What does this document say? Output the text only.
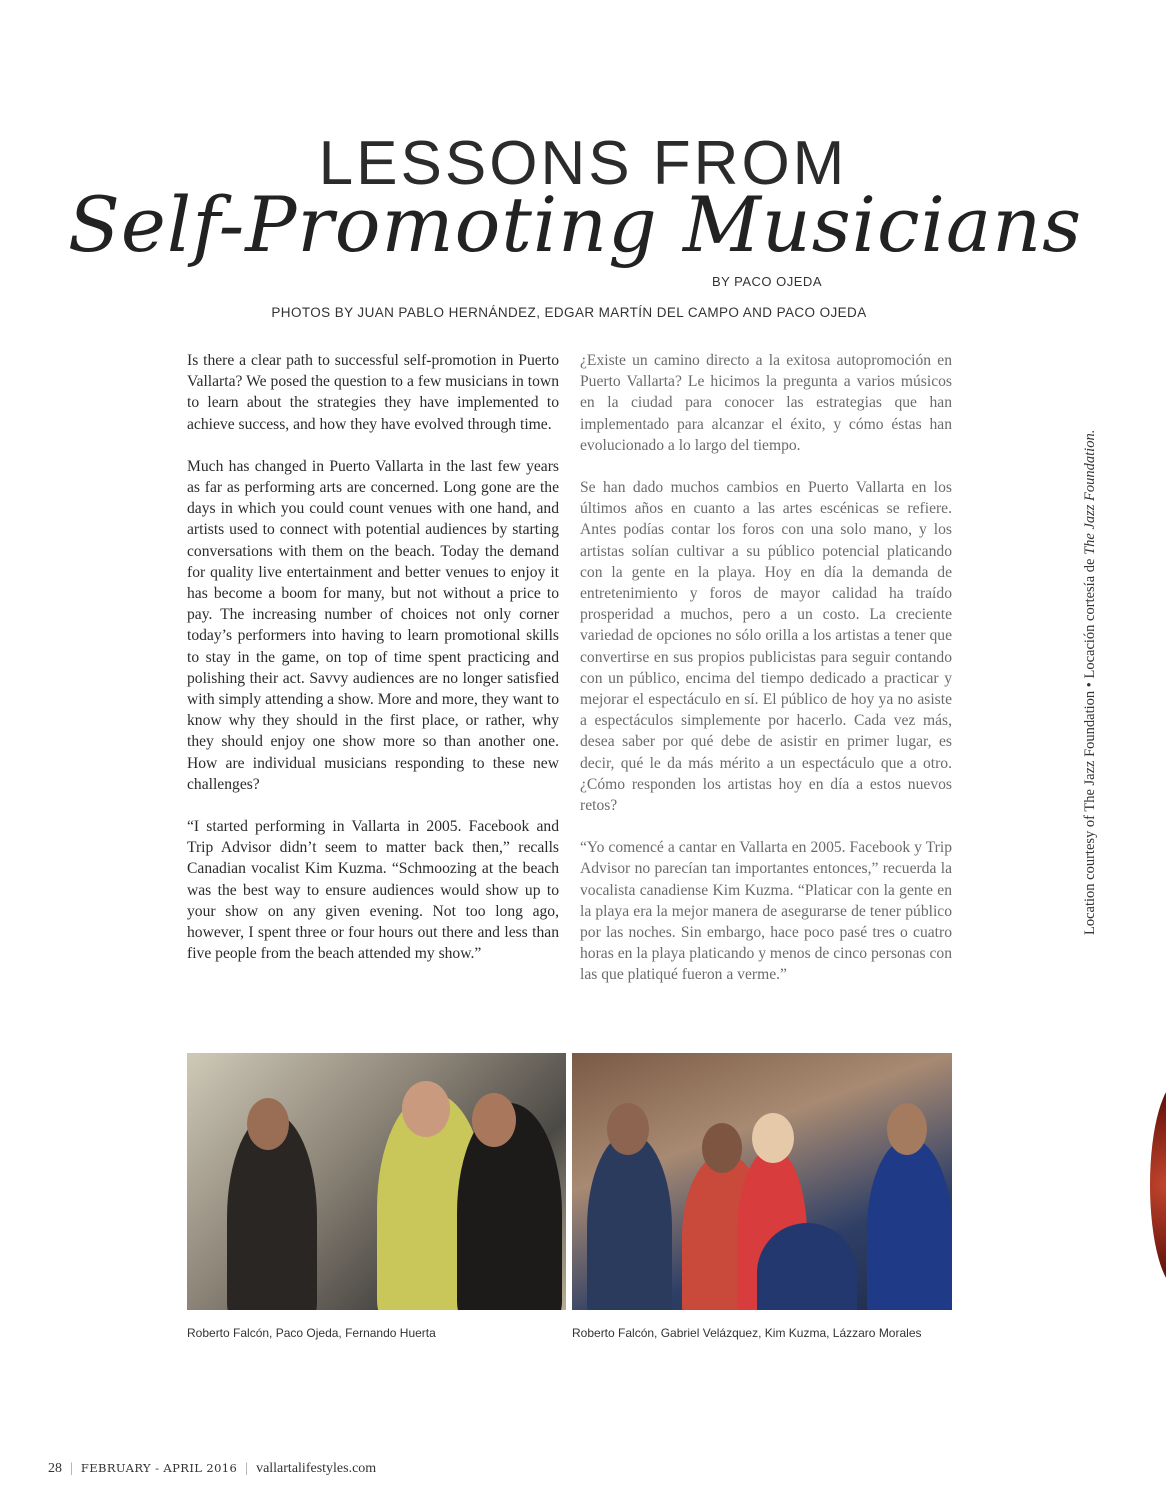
LESSONS FROM
Self-Promoting Musicians
BY PACO OJEDA
PHOTOS BY JUAN PABLO HERNÁNDEZ, EDGAR MARTÍN DEL CAMPO AND PACO OJEDA

Is there a clear path to successful self-promotion in Puerto Vallarta? We posed the question to a few musicians in town to learn about the strategies they have implemented to achieve success, and how they have evolved through time.

Much has changed in Puerto Vallarta in the last few years as far as performing arts are concerned. Long gone are the days in which you could count venues with one hand, and artists used to connect with potential audiences by starting conversations with them on the beach. Today the demand for quality live entertainment and better venues to enjoy it has become a boom for many, but not without a price to pay. The increasing number of choices not only corner today’s performers into having to learn promotional skills to stay in the game, on top of time spent practicing and polishing their act. Savvy audiences are no longer satisfied with simply attending a show. More and more, they want to know why they should in the first place, or rather, why they should enjoy one show more so than another one. How are individual musicians responding to these new challenges?

“I started performing in Vallarta in 2005. Facebook and Trip Advisor didn’t seem to matter back then,” recalls Canadian vocalist Kim Kuzma. “Schmoozing at the beach was the best way to ensure audiences would show up to your show on any given evening. Not too long ago, however, I spent three or four hours out there and less than five people from the beach attended my show.”

¿Existe un camino directo a la exitosa autopromoción en Puerto Vallarta? Le hicimos la pregunta a varios músicos en la ciudad para conocer las estrategias que han implementado para alcanzar el éxito, y cómo éstas han evolucionado a lo largo del tiempo.

Se han dado muchos cambios en Puerto Vallarta en los últimos años en cuanto a las artes escénicas se refiere. Antes podías contar los foros con una solo mano, y los artistas solían cultivar a su público potencial platicando con la gente en la playa. Hoy en día la demanda de entretenimiento y foros de mayor calidad ha traído prosperidad a muchos, pero a un costo. La creciente variedad de opciones no sólo orilla a los artistas a tener que convertirse en sus propios publicistas para seguir contando con un público, encima del tiempo dedicado a practicar y mejorar el espectáculo en sí. El público de hoy ya no asiste a espectáculos simplemente por hacerlo. Cada vez más, desea saber por qué debe de asistir en primer lugar, es decir, qué le da más mérito a un espectáculo que a otro. ¿Cómo responden los artistas hoy en día a estos nuevos retos?

“Yo comencé a cantar en Vallarta en 2005. Facebook y Trip Advisor no parecían tan importantes entonces,” recuerda la vocalista canadiense Kim Kuzma. “Platicar con la gente en la playa era la mejor manera de asegurarse de tener público por las noches. Sin embargo, hace poco pasé tres o cuatro horas en la playa platicando y menos de cinco personas con las que platiqué fueron a verme.”

Location courtesy of The Jazz Foundation • Locación cortesía de The Jazz Foundation.
Roberto Falcón, Paco Ojeda, Fernando Huerta	Roberto Falcón, Gabriel Velázquez, Kim Kuzma, Lázzaro Morales
28 | FEBRUARY - APRIL 2016 | vallartalifestyles.com
